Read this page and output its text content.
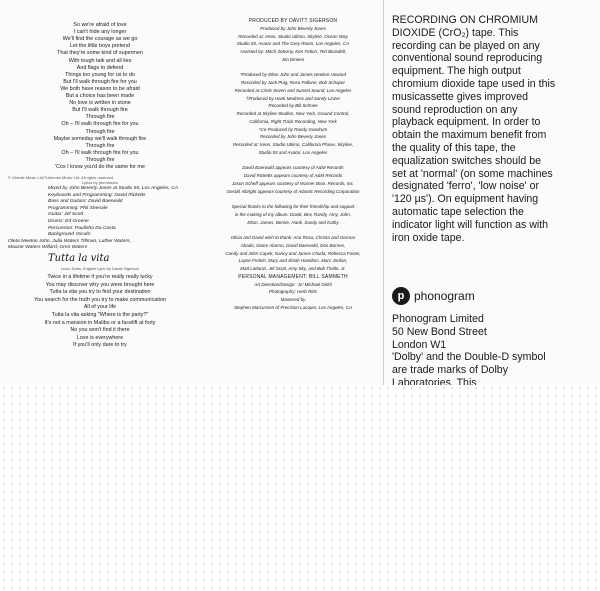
So we're afraid of love
I can't hide any longer
We'll find the courage as we go
Let the little boys pretend
That they're some kind of supermen
With tough talk and all lies
And flags to defend
Things too young for us to do
But I'll walk through fire for you
We both have reason to be afraid
But a choice has been made
No love is written in stone
But I'll walk through fire
Through fire
Oh – I'll walk through fire for you
Through fire
Maybe someday we'll walk through fire
Through fire
Oh – I'll walk through fire for you
Through fire
'Cos I know you'd do the same for me
© Gimdie Music Ltd/Tuberose Music Ltd. All rights reserved.
Lyrics by permission
Mixed by John Beverly Jones at Studio 55, Los Angeles, CA
Keyboards and Programming: David Ricketts
Bass and Guitars: David Baerwald
Programming: Phil Shenale
Guitar: Jef Scott
Drums: Ed Greene
Percussion: Paulinho Da Costa
Background Vocals:
Oleta Newton John, Julia Waters Tillman, Luther Waters,
Maxine Waters Willard, Oren Waters
Tutta la vita
Lucio Dalla, English Lyric by David Sigerson
Twice in a lifetime if you're really really lucky
You may discover why you were brought here
Tutta la vita you try to find your destination
You search for the truth you try to make communication
All of your life
Tutta la vita asking "Where is the party?"
It's not a mansion in Malibu or a facelift at forty
No you won't find it there
Love is everywhere
If you'll only dare to try
PRODUCED BY DAVITT SIGERSON
Produced by John Beverly Jones
Recorded at: Ireon, Studio Ultimo, Skyline, Ocean Way
Studio 55, Avatar and The Grey Room, Los Angeles, CA
Assisted by: Mitch Zelezny, Ken Felton, Ted Blaisdell,
Jim Dineen
*Produced by Elton John and James Newton Howard
Recorded by Jack Puig, Rosa Pallone, Bob Schaper
Recorded at Circle Seven and Sunset Sound, Los Angeles
†Produced by Hank Medress and Sandy Linzer
Recorded by Bill Schnee
Recorded at Skyline Studios, New York, Ground Control,
California, Right Track Recording, New York
*Co-Produced by Randy Goodrum
Recorded by John Beverly Jones
Recorded at: Ireon, Studio Ultimo, California Phase, Skyline,
Studio 55 and Avatar, Los Angeles
David Baerwald appears courtesy of A&M Records
David Ricketts appears courtesy of A&M Records
Jason Scheff appears courtesy of Warner Bros. Records, Inc.
Gerald Albright appears courtesy of Atlantic Recording Corporation
Special thanks to the following for their friendship and support
in the making of my album: Davitt, Bev, Randy, Amy, John,
Elton, James, Bernie, Hank, Sandy and Kathy
Olivia and David wish to thank: Ana Rosa, Christa and Germar
Abado, Diane Abarno, David Baerwald, Don Barnes,
Candy and John Capek, Nancy and James Chuda, Rebecca Foster,
Layne Frelich, Mary and Shiah Hamilton, Marc Jordan,
Matt Lattanzi, Jef Scott, Amy Sky, and Bob Tirelle, Jr.
PERSONAL MANAGEMENT: BILL SAMMETH
Art Direction/Design: 'Jo' Michael Diehl
Photography: Herb Ritts
Mastered by
Stephen Marcussen of Precision Lacquer, Los Angeles, CA
p phonogram
RECORDING ON CHROMIUM
DIOXIDE (CrO₂) tape. This
recording can be played on any
conventional sound reproducing
equipment. The high output
chromium dioxide tape used in this
musicassette gives improved
sound reproduction on any
playback equipment. In order to
obtain the maximum benefit from
the quality of this tape, the
equalization switches should be
set at 'normal' (on some machines
designated 'ferro', 'low noise' or
'120 µs'). On equipment having
automatic tape selection the
indicator light will function as with
iron oxide tape.
Phonogram Limited
50 New Bond Street
London W1
'Dolby' and the Double-D symbol
are trade marks of Dolby
Laboratories. This
